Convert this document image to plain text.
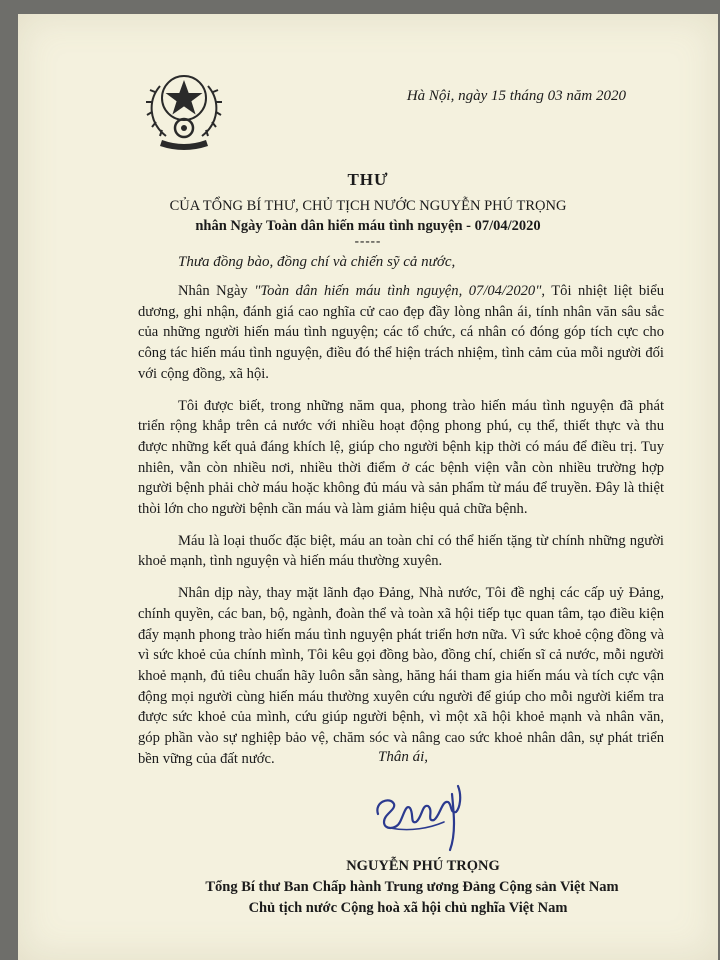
Hà Nội, ngày 15 tháng 03 năm 2020
THƯ
CỦA TỔNG BÍ THƯ, CHỦ TỊCH NƯỚC NGUYỄN PHÚ TRỌNG
nhân Ngày Toàn dân hiến máu tình nguyện - 07/04/2020
-----
Thưa đồng bào, đồng chí và chiến sỹ cả nước,

Nhân Ngày "Toàn dân hiến máu tình nguyện, 07/04/2020", Tôi nhiệt liệt biểu dương, ghi nhận, đánh giá cao nghĩa cử cao đẹp đầy lòng nhân ái, tính nhân văn sâu sắc của những người hiến máu tình nguyện; các tổ chức, cá nhân có đóng góp tích cực cho công tác hiến máu tình nguyện, điều đó thể hiện trách nhiệm, tình cảm của mỗi người đối với cộng đồng, xã hội.

Tôi được biết, trong những năm qua, phong trào hiến máu tình nguyện đã phát triển rộng khắp trên cả nước với nhiều hoạt động phong phú, cụ thể, thiết thực và thu được những kết quả đáng khích lệ, giúp cho người bệnh kịp thời có máu để điều trị. Tuy nhiên, vẫn còn nhiều nơi, nhiều thời điểm ở các bệnh viện vẫn còn nhiều trường hợp người bệnh phải chờ máu hoặc không đủ máu và sản phẩm từ máu để truyền. Đây là thiệt thòi lớn cho người bệnh cần máu và làm giảm hiệu quả chữa bệnh.

Máu là loại thuốc đặc biệt, máu an toàn chỉ có thể hiến tặng từ chính những người khoẻ mạnh, tình nguyện và hiến máu thường xuyên.

Nhân dịp này, thay mặt lãnh đạo Đảng, Nhà nước, Tôi đề nghị các cấp uỷ Đảng, chính quyền, các ban, bộ, ngành, đoàn thể và toàn xã hội tiếp tục quan tâm, tạo điều kiện đẩy mạnh phong trào hiến máu tình nguyện phát triển hơn nữa. Vì sức khoẻ cộng đồng và vì sức khoẻ của chính mình, Tôi kêu gọi đồng bào, đồng chí, chiến sĩ cả nước, mỗi người khoẻ mạnh, đủ tiêu chuẩn hãy luôn sẵn sàng, hăng hái tham gia hiến máu và tích cực vận động mọi người cùng hiến máu thường xuyên cứu người để giúp cho mỗi người kiểm tra được sức khoẻ của mình, cứu giúp người bệnh, vì một xã hội khoẻ mạnh và nhân văn, góp phần vào sự nghiệp bảo vệ, chăm sóc và nâng cao sức khoẻ nhân dân, sự phát triển bền vững của đất nước.	Thân ái,
NGUYỄN PHÚ TRỌNG
Tổng Bí thư Ban Chấp hành Trung ương Đảng Cộng sản Việt Nam
Chủ tịch nước Cộng hoà xã hội chủ nghĩa Việt Nam
